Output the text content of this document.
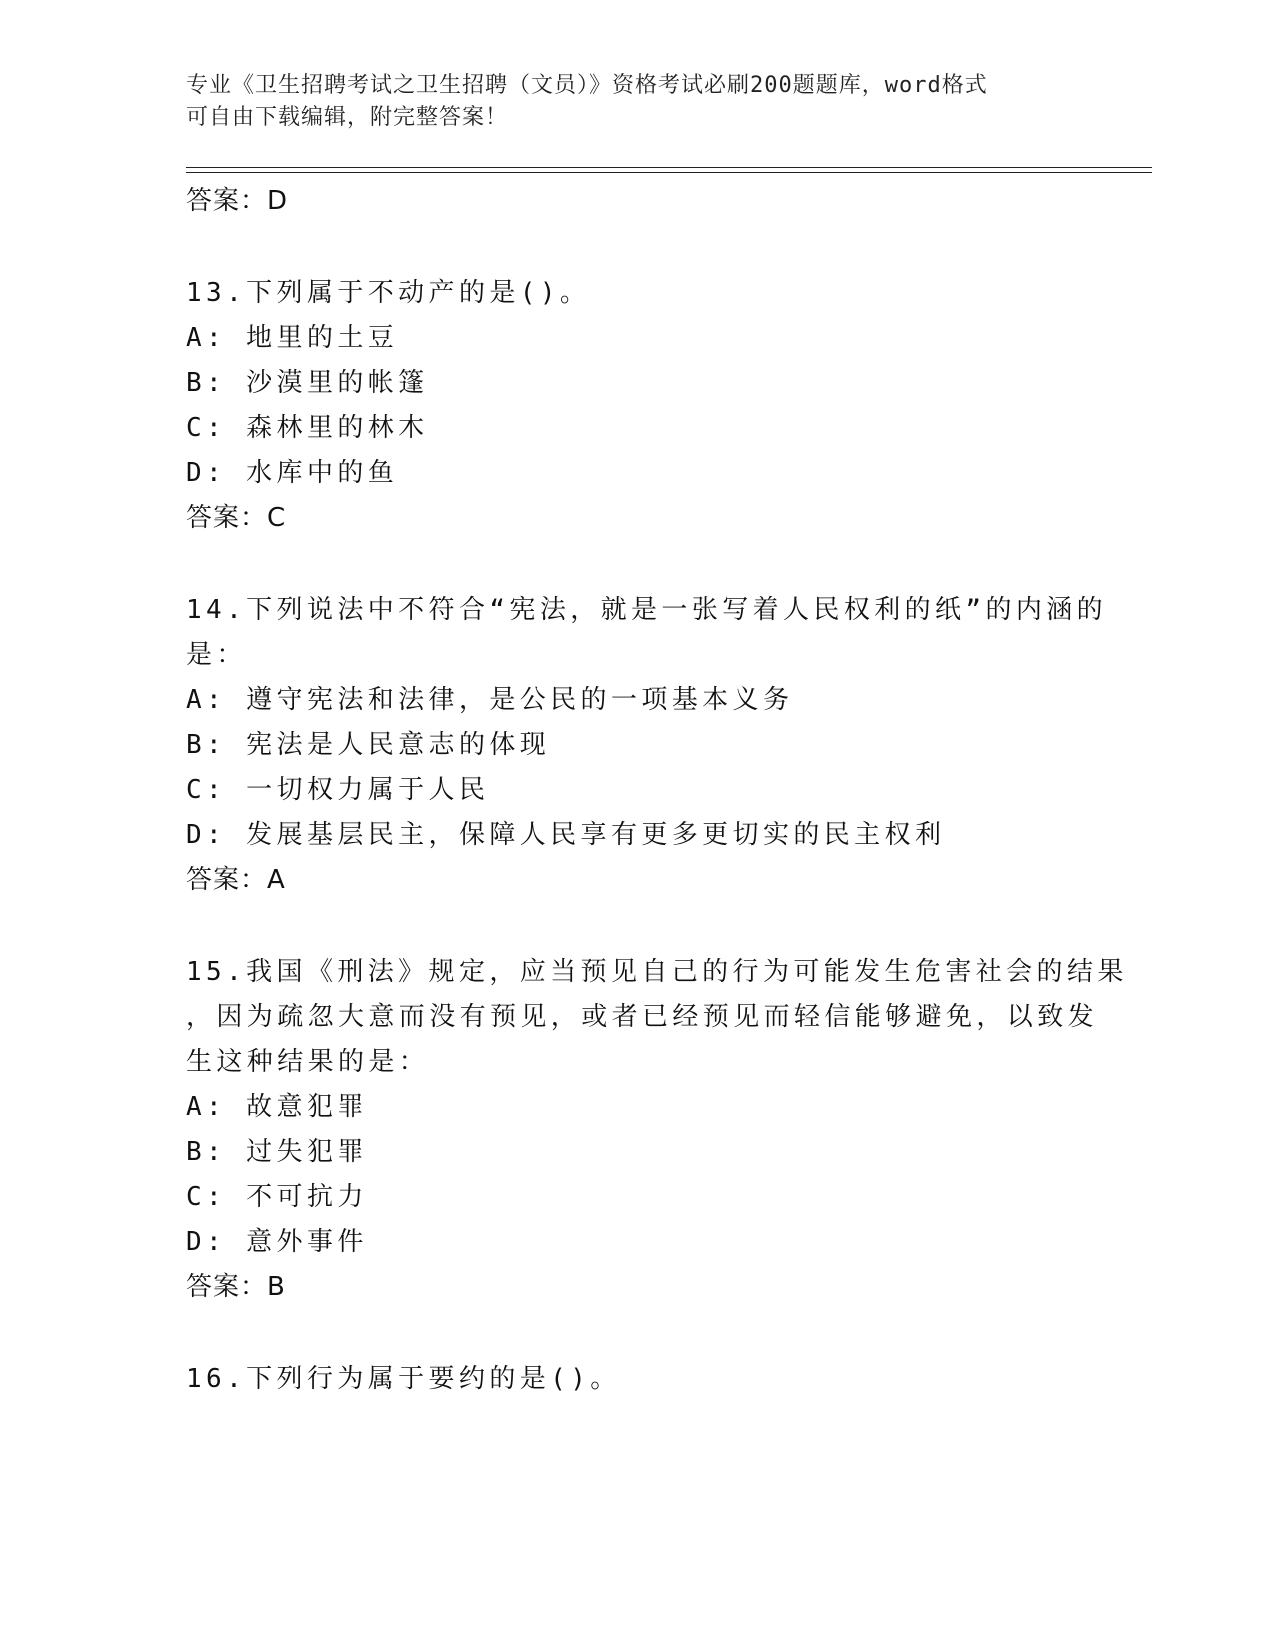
专业《卫生招聘考试之卫生招聘（文员）》资格考试必刷200题题库，word格式
可自由下载编辑，附完整答案！
答案：D
13.下列属于不动产的是()。
A: 地里的土豆
B: 沙漠里的帐篷
C: 森林里的林木
D: 水库中的鱼
答案：C
14.下列说法中不符合“宪法，就是一张写着人民权利的纸”的内涵的
是：
A: 遵守宪法和法律，是公民的一项基本义务
B: 宪法是人民意志的体现
C: 一切权力属于人民
D: 发展基层民主，保障人民享有更多更切实的民主权利
答案：A
15.我国《刑法》规定，应当预见自己的行为可能发生危害社会的结果
，因为疏忽大意而没有预见，或者已经预见而轻信能够避免，以致发
生这种结果的是：
A: 故意犯罪
B: 过失犯罪
C: 不可抗力
D: 意外事件
答案：B
16.下列行为属于要约的是()。
